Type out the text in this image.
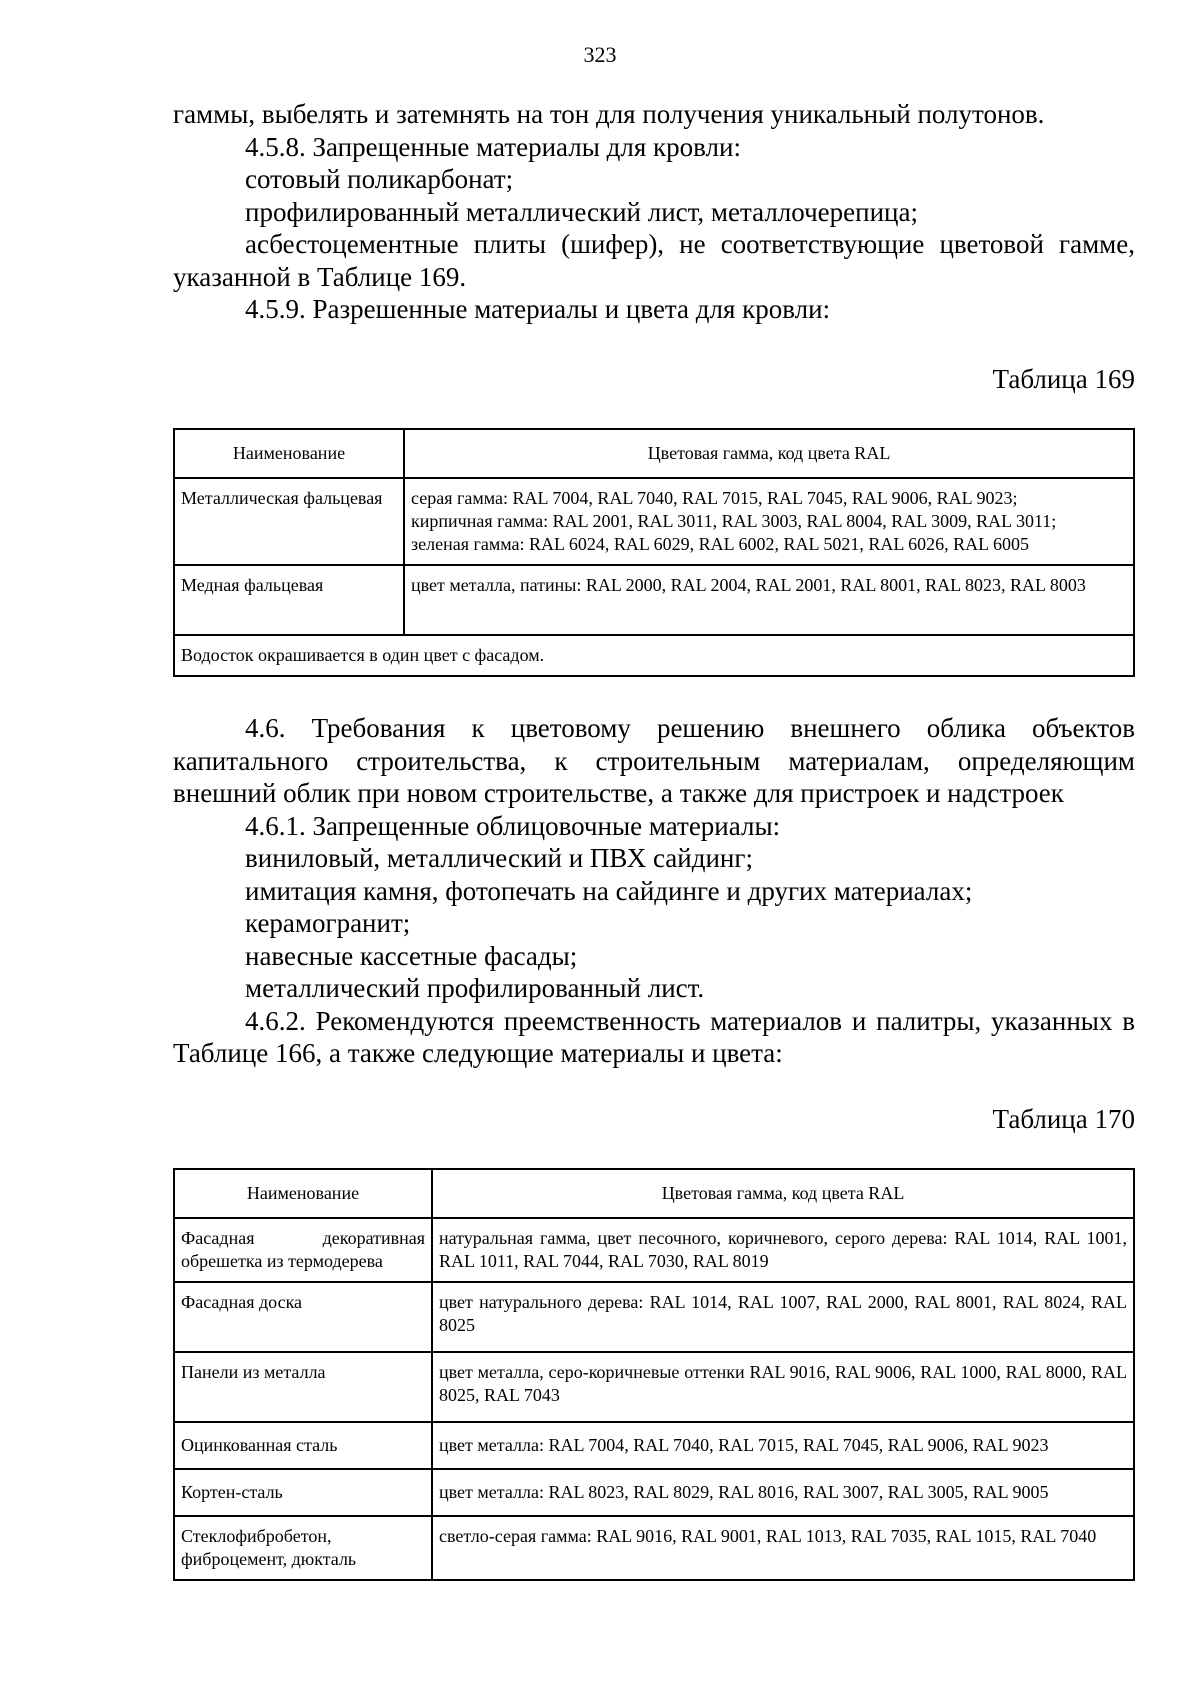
323

гаммы, выбелять и затемнять на тон для получения уникальный полутонов.

4.5.8. Запрещенные материалы для кровли:

сотовый поликарбонат;

профилированный металлический лист, металлочерепица;

асбестоцементные плиты (шифер), не соответствующие цветовой гамме, указанной в Таблице 169.

4.5.9. Разрешенные материалы и цвета для кровли:

Таблица 169
Наименование	Цветовая гамма, код цвета RAL
Металлическая фальцевая	серая гамма: RAL 7004, RAL 7040, RAL 7015, RAL 7045, RAL 9006, RAL 9023;
кирпичная гамма: RAL 2001, RAL 3011, RAL 3003, RAL 8004, RAL 3009, RAL 3011;
зеленая гамма: RAL 6024, RAL 6029, RAL 6002, RAL 5021, RAL 6026, RAL 6005

Медная фальцевая	цвет металла, патины: RAL 2000, RAL 2004, RAL 2001, RAL 8001, RAL 8023, RAL 8003
Водосток окрашивается в один цвет с фасадом.	

4.6. Требования к цветовому решению внешнего облика объектов капитального строительства, к строительным материалам, определяющим внешний облик при новом строительстве, а также для пристроек и надстроек

4.6.1. Запрещенные облицовочные материалы:

виниловый, металлический и ПВХ сайдинг;

имитация камня, фотопечать на сайдинге и других материалах;

керамогранит;

навесные кассетные фасады;

металлический профилированный лист.

4.6.2. Рекомендуются преемственность материалов и палитры, указанных в Таблице 166, а также следующие материалы и цвета:

Таблица 170
Наименование	Цветовая гамма, код цвета RAL
Фасадная декоративная обрешетка из термодерева	натуральная гамма, цвет песочного, коричневого, серого дерева: RAL 1014, RAL 1001, RAL 1011, RAL 7044, RAL 7030, RAL 8019
Фасадная доска	цвет натурального дерева: RAL 1014, RAL 1007, RAL 2000, RAL 8001, RAL 8024, RAL 8025
Панели из металла	цвет металла, серо-коричневые оттенки RAL 9016, RAL 9006, RAL 1000, RAL 8000, RAL 8025, RAL 7043
Оцинкованная сталь	цвет металла: RAL 7004, RAL 7040, RAL 7015, RAL 7045, RAL 9006, RAL 9023
Кортен-сталь	цвет металла: RAL 8023, RAL 8029, RAL 8016, RAL 3007, RAL 3005, RAL 9005
Стеклофибробетон, фиброцемент, дюкталь	светло-серая гамма: RAL 9016, RAL 9001, RAL 1013, RAL 7035, RAL 1015, RAL 7040
